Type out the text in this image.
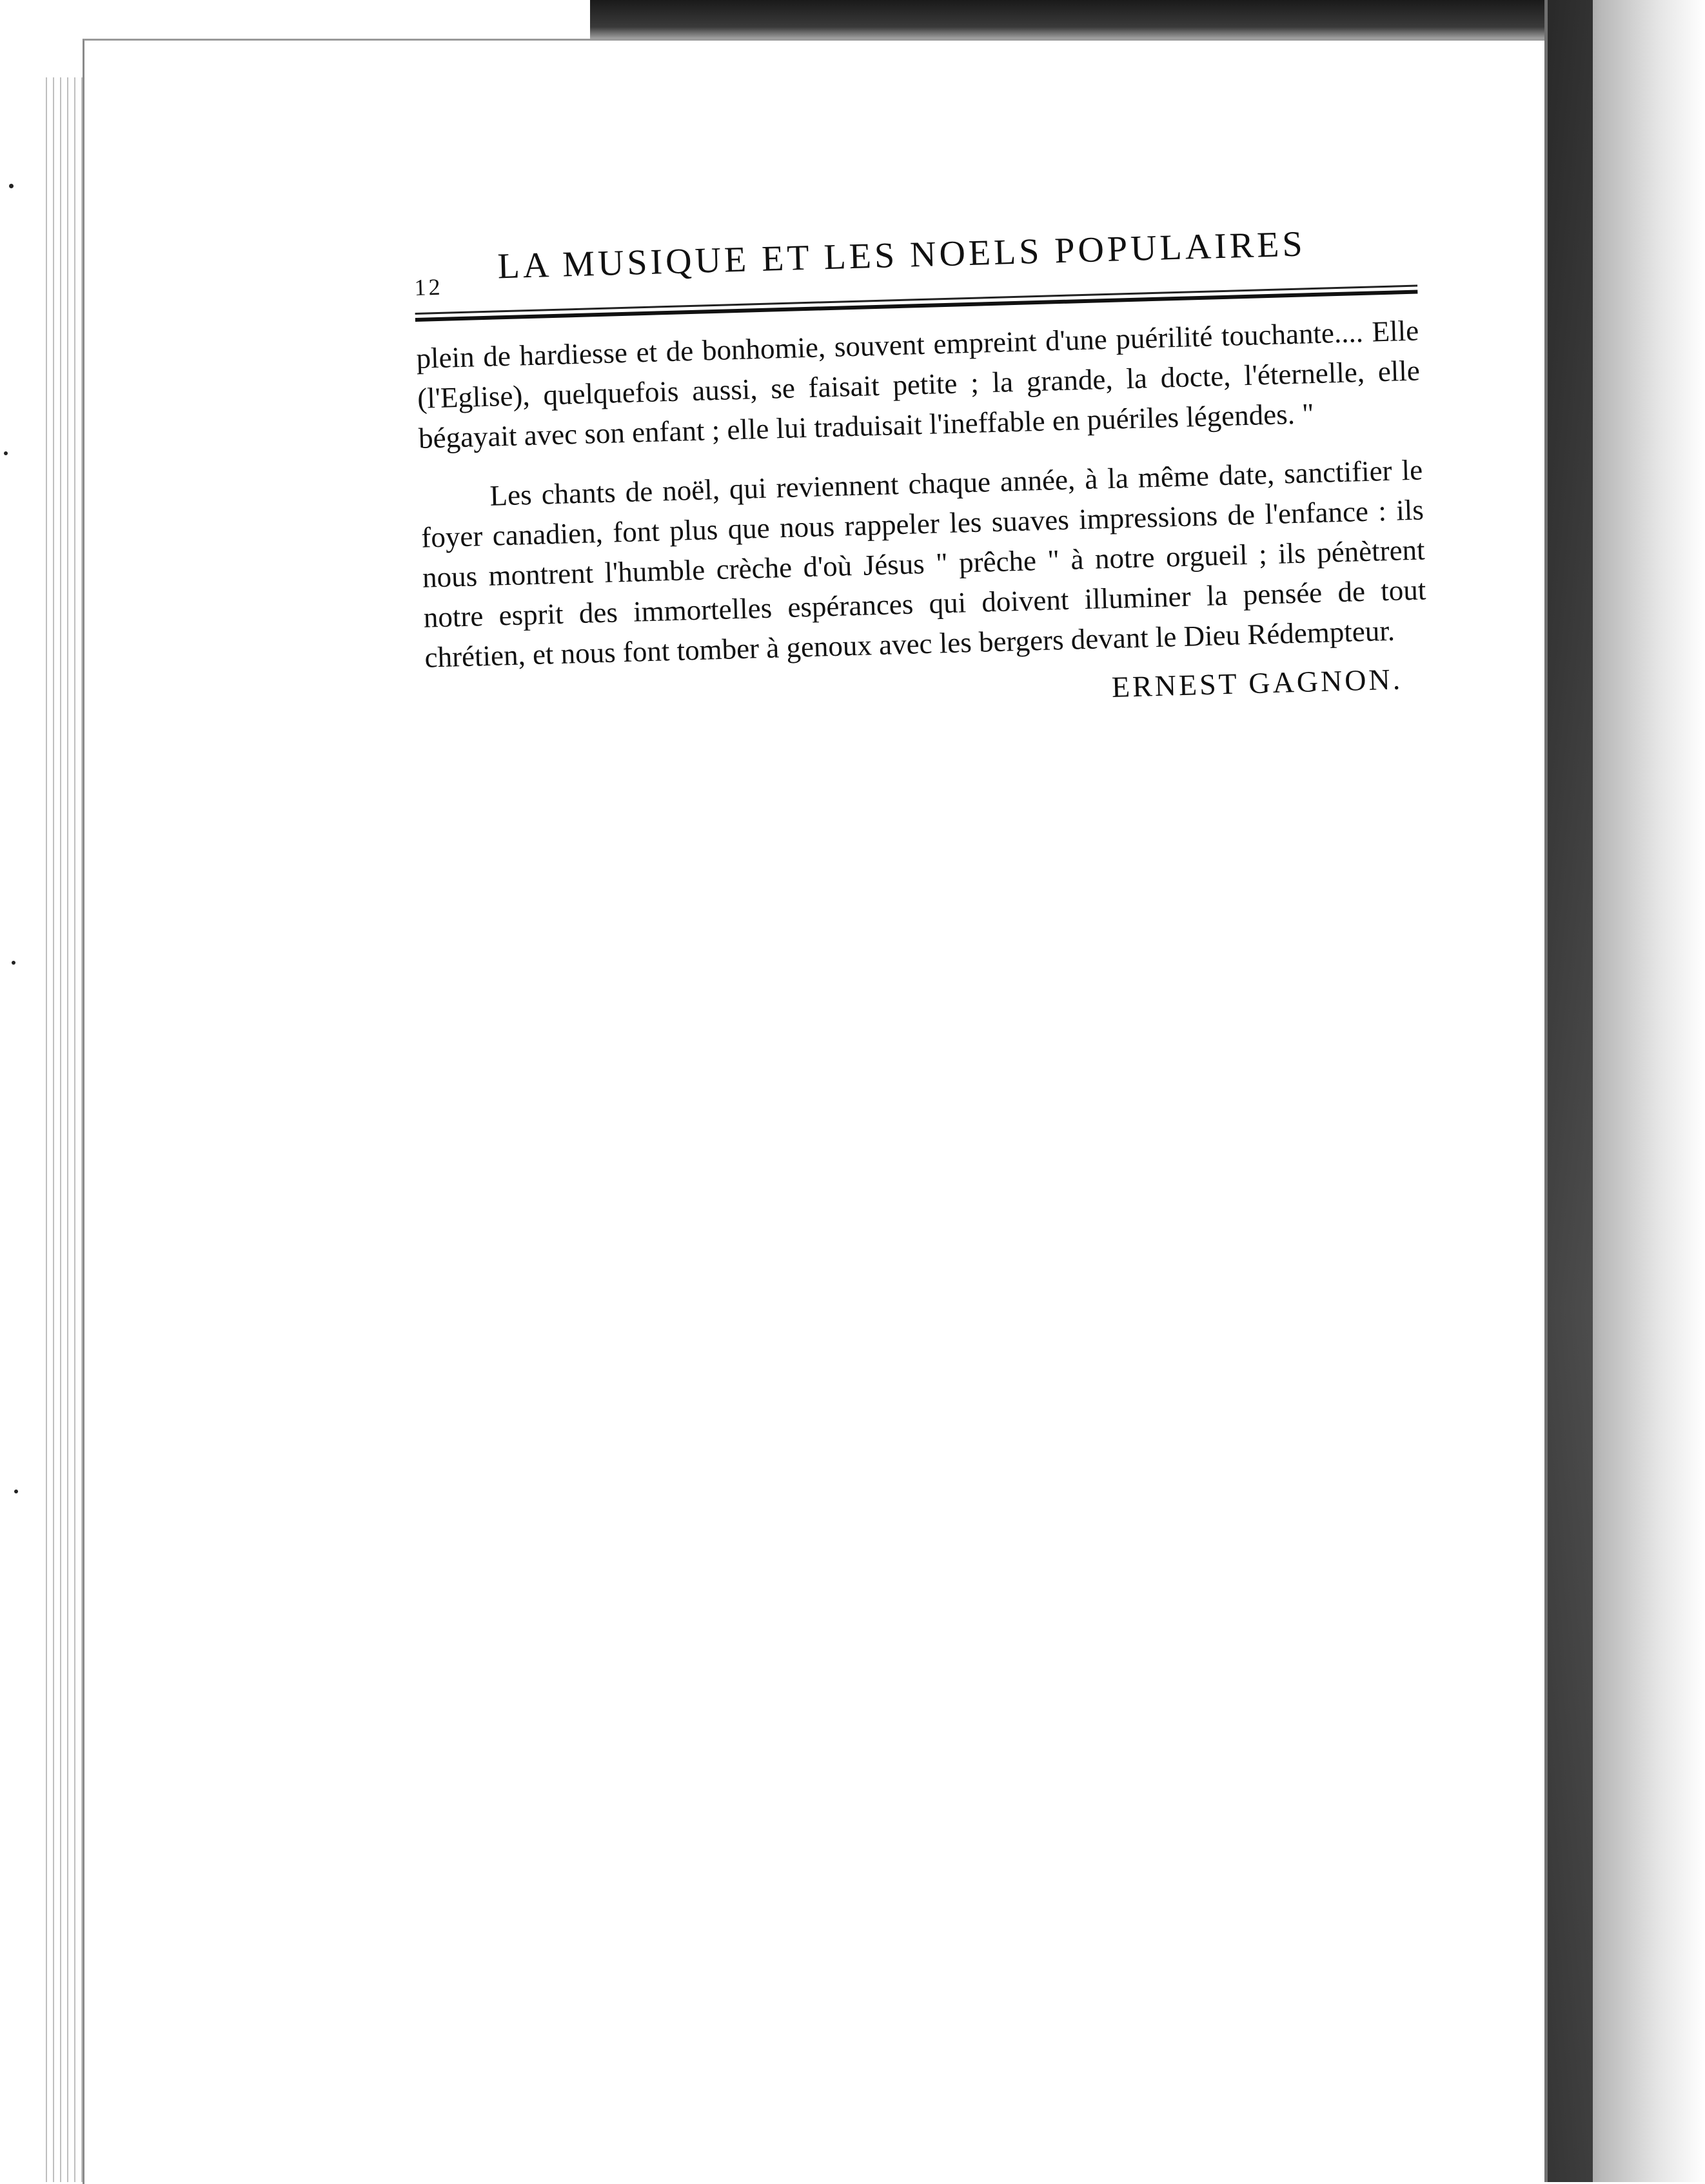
12
LA MUSIQUE ET LES NOELS POPULAIRES

plein de hardiesse et de bonhomie, souvent empreint d'une puérilité touchante.... Elle (l'Eglise), quelquefois aussi, se faisait petite ; la grande, la docte, l'éternelle, elle bégayait avec son enfant ; elle lui traduisait l'ineffable en puériles légendes. "

Les chants de noël, qui reviennent chaque année, à la même date, sanctifier le foyer canadien, font plus que nous rappeler les suaves impressions de l'enfance : ils nous montrent l'humble crèche d'où Jésus " prêche " à notre orgueil ; ils pénètrent notre esprit des immortelles espérances qui doivent illuminer la pensée de tout chrétien, et nous font tomber à genoux avec les bergers devant le Dieu Rédempteur.

ERNEST GAGNON.
